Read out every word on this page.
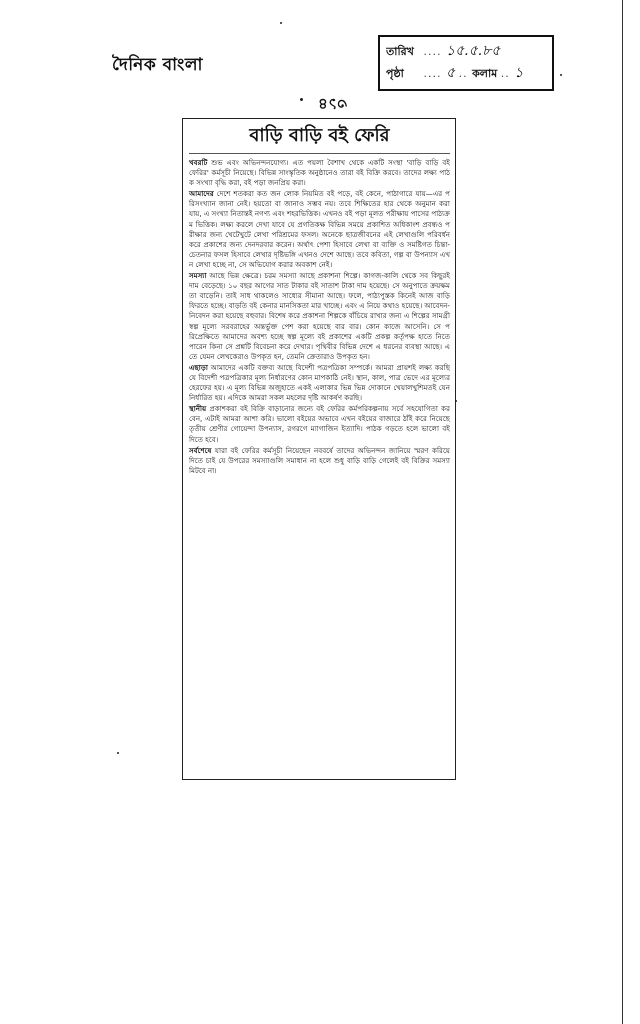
দৈনিক বাংলা
তারিখ .... ১৫.৫.৮৫
পৃষ্ঠা .... ৫ .. কলাম .. ১
৩১৪
বাড়ি বাড়ি বই ফেরি

খবরটি শুভ এবং অভিনন্দনযোগ্য। এত পয়লা বৈশাখ থেকে একটি সংস্থা 'বাড়ি বাড়ি বই ফেরির' কর্মসূচী নিয়েছে। বিভিন্ন সাংস্কৃতিক অনুষ্ঠানেও তারা বই বিক্রি করবে। তাদের লক্ষ্য পাঠক সংখ্যা বৃদ্ধি করা, বই পড়া জনপ্রিয় করা।

আমাদের দেশে শতকরা কত জন লোক নিয়মিত বই পড়ে, বই কেনে, পাঠাগারে যায়—এর পরিসংখ্যান জানা নেই। হয়তো বা জানাও সম্ভব নয়। তবে শিক্ষিতের হার থেকে অনুমান করা যায়, এ সংখ্যা নিতান্তই নগণ্য এবং শহরভিত্তিক। এখনও বই পড়া মূলত পরীক্ষায় পাসের পাঠ্যক্রম ভিত্তিক। লক্ষ্য করলে দেখা যাবে যে প্রগতিকক্ষ বিভিন্ন সময়ে প্রকাশিত অধিকাংশ প্রবন্ধও পরীক্ষার জন্য খেটেখুটে লেখা পরিশ্রমের ফসল। অনেকে ছাত্রজীবনের এই লেখাগুলি পরিবর্ধন করে প্রকাশের জন্য দেনদরবার করেন। অর্থাৎ পেশা হিসাবে লেখা বা ব্যক্তি ও সমষ্টিগত চিন্তা-চেতনার ফসল হিসাবে লেখার দৃষ্টিভঙ্গি এখনও দেশে আছে। তবে কবিতা, গল্প বা উপন্যাস এখন লেখা হচ্ছে না, সে অভিযোগ করার অবকাশ নেই।

সমস্যা আছে ভিন্ন ক্ষেত্রে। চরম সমস্যা আছে প্রকাশনা শিল্পে। কাগজ-কালি থেকে সব কিছুরই দাম বেড়েছে। ১০ বছর আগের সাত টাকার বই সাতাশ টাকা দাম হয়েছে। সে অনুপাতে ক্রয়ক্ষমতা বাড়েনি। তাই সাধ থাকলেও সাধ্যের সীমানা আছে। ফলে, পাঠ্যপুস্তক কিনেই আজ বাড়ি ফিরতে হচ্ছে। বাড়তি বই কেনার মানসিকতা মার খাচ্ছে। এবং এ নিয়ে কথাও হয়েছে। আবেদন-নিবেদন করা হয়েছে বহুবার। বিশেষ করে প্রকাশনা শিল্পকে বাঁচিয়ে রাখার জন্য এ শিল্পের সামগ্রী স্বল্প মূল্যে সরবরাহের অন্তর্ভুক্ত পেশ করা হয়েছে বার বার। কোন কাজে আসেনি। সে পরিপ্রেক্ষিতে আমাদের অবশ্য হচ্ছে স্বল্প মূল্যে বই প্রকাশের একটি প্রকল্প কর্তৃপক্ষ হাতে নিতে পারেন কিনা সে প্রশ্নটি বিবেচনা করে দেখার। পৃথিবীর বিভিন্ন দেশে এ ধরনের ব্যবস্থা আছে। এতে যেমন লেখকেরাও উপকৃত হন, তেমনি ক্রেতারাও উপকৃত হন।

এছাড়া আমাদের একটি বক্তব্য আছে বিদেশী পত্রপত্রিকা সম্পর্কে। আমরা প্রায়শই লক্ষ্য করছি যে বিদেশী পত্রপত্রিকার মূল্য নির্ধারণের কোন মাপকাঠি নেই। স্থান, কাল, পাত্র ভেদে এর মূল্যের হেরফের হয়। এ মূল্য বিভিন্ন অজুহাতে একই এলাকার ভিন্ন ভিন্ন দোকানে খেয়ালখুশিমতই যেন নির্ধারিত হয়। এদিকে আমরা সকল মহলের দৃষ্টি আকর্ষণ করছি।

স্থানীয় প্রকাশকরা বই বিক্রি বাড়ানোর জন্যে বই ফেরির কর্মপরিকল্পনায় সর্বে সহযোগিতা করবেন, এটাই আমরা আশা করি। ভালো বইয়ের অভাবে এখন বইয়ের বাজারে ঠাঁই করে নিয়েছে তৃতীয় শ্রেণীর গোয়েন্দা উপন্যাস, রগরগে ম্যাগাজিন ইত্যাদি। পাঠক গড়তে হলে ভালো বই দিতে হবে।

সর্বশেষে যারা বই ফেরির কর্মসূচী নিয়েছেন নববর্ষে তাদের অভিনন্দন জানিয়ে স্মরণ করিয়ে দিতে চাই যে উপরের সমস্যাগুলি সমাধান না হলে শুধু বাড়ি বাড়ি গেলেই বই বিক্রির সমস্যা মিটবে না।
